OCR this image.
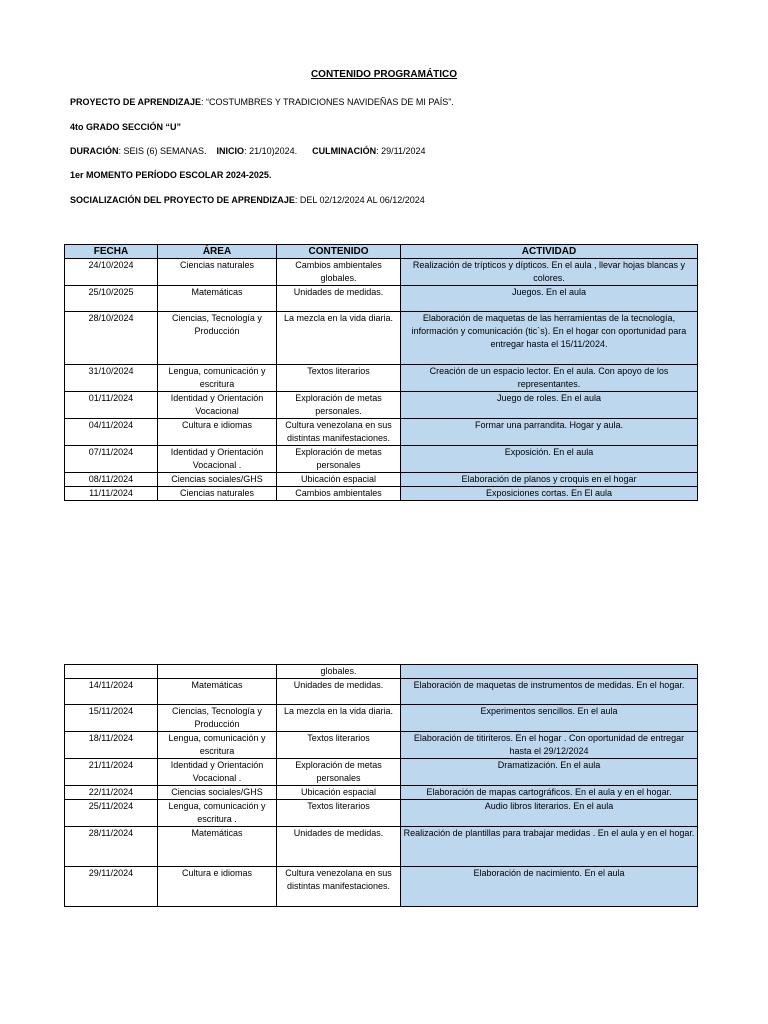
CONTENIDO PROGRAMÁTICO
PROYECTO DE APRENDIZAJE: “COSTUMBRES Y TRADICIONES NAVIDEÑAS DE MI PAÍS”.
4to GRADO SECCIÓN “U”
DURACIÓN: SEIS (6) SEMANAS. INICIO: 21/10)2024. CULMINACIÓN: 29/11/2024
1er MOMENTO PERÍODO ESCOLAR 2024-2025.
SOCIALIZACIÓN DEL PROYECTO DE APRENDIZAJE: DEL 02/12/2024 AL 06/12/2024
FECHA	ÁREA	CONTENIDO	ACTIVIDAD
24/10/2024	Ciencias naturales	Cambios ambientales globales.	Realización de trípticos y dípticos. En el aula , llevar hojas blancas y colores.
25/10/2025	Matemáticas	Unidades de medidas.	Juegos. En el aula
28/10/2024	Ciencias, Tecnología y Producción	La mezcla en la vida diaria.	Elaboración de maquetas de las herramientas de la tecnología, información y comunicación (tic`s). En el hogar con oportunidad para entregar hasta el 15/11/2024.
31/10/2024	Lengua, comunicación y escritura	Textos literarios	Creación de un espacio lector. En el aula. Con apoyo de los representantes.
01/11/2024	Identidad y Orientación Vocacional	Exploración de metas personales.	Juego de roles. En el aula
04/11/2024	Cultura e idiomas	Cultura venezolana en sus distintas manifestaciones.	Formar una parrandita. Hogar y aula.
07/11/2024	Identidad y Orientación Vocacional .	Exploración de metas personales	Exposición. En el aula
08/11/2024	Ciencias sociales/GHS	Ubicación espacial	Elaboración de planos y croquis en el hogar
11/11/2024	Ciencias naturales	Cambios ambientales	Exposiciones cortas. En El aula
		globales.	
14/11/2024	Matemáticas	Unidades de medidas.	Elaboración de maquetas de instrumentos de medidas. En el hogar.
15/11/2024	Ciencias, Tecnología y Producción	La mezcla en la vida diaria.	Experimentos sencillos. En el aula
18/11/2024	Lengua, comunicación y escritura	Textos literarios	Elaboración de titiriteros. En el hogar . Con oportunidad de entregar hasta el 29/12/2024
21/11/2024	Identidad y Orientación Vocacional .	Exploración de metas personales	Dramatización. En el aula
22/11/2024	Ciencias sociales/GHS	Ubicación espacial	Elaboración de mapas cartográficos. En el aula y en el hogar.
25/11/2024	Lengua, comunicación y escritura .	Textos literarios	Audio libros literarios. En el aula
28/11/2024	Matemáticas	Unidades de medidas.	Realización de plantillas para trabajar medidas . En el aula y en el hogar.
29/11/2024	Cultura e idiomas	Cultura venezolana en sus distintas manifestaciones.	Elaboración de nacimiento. En el aula
